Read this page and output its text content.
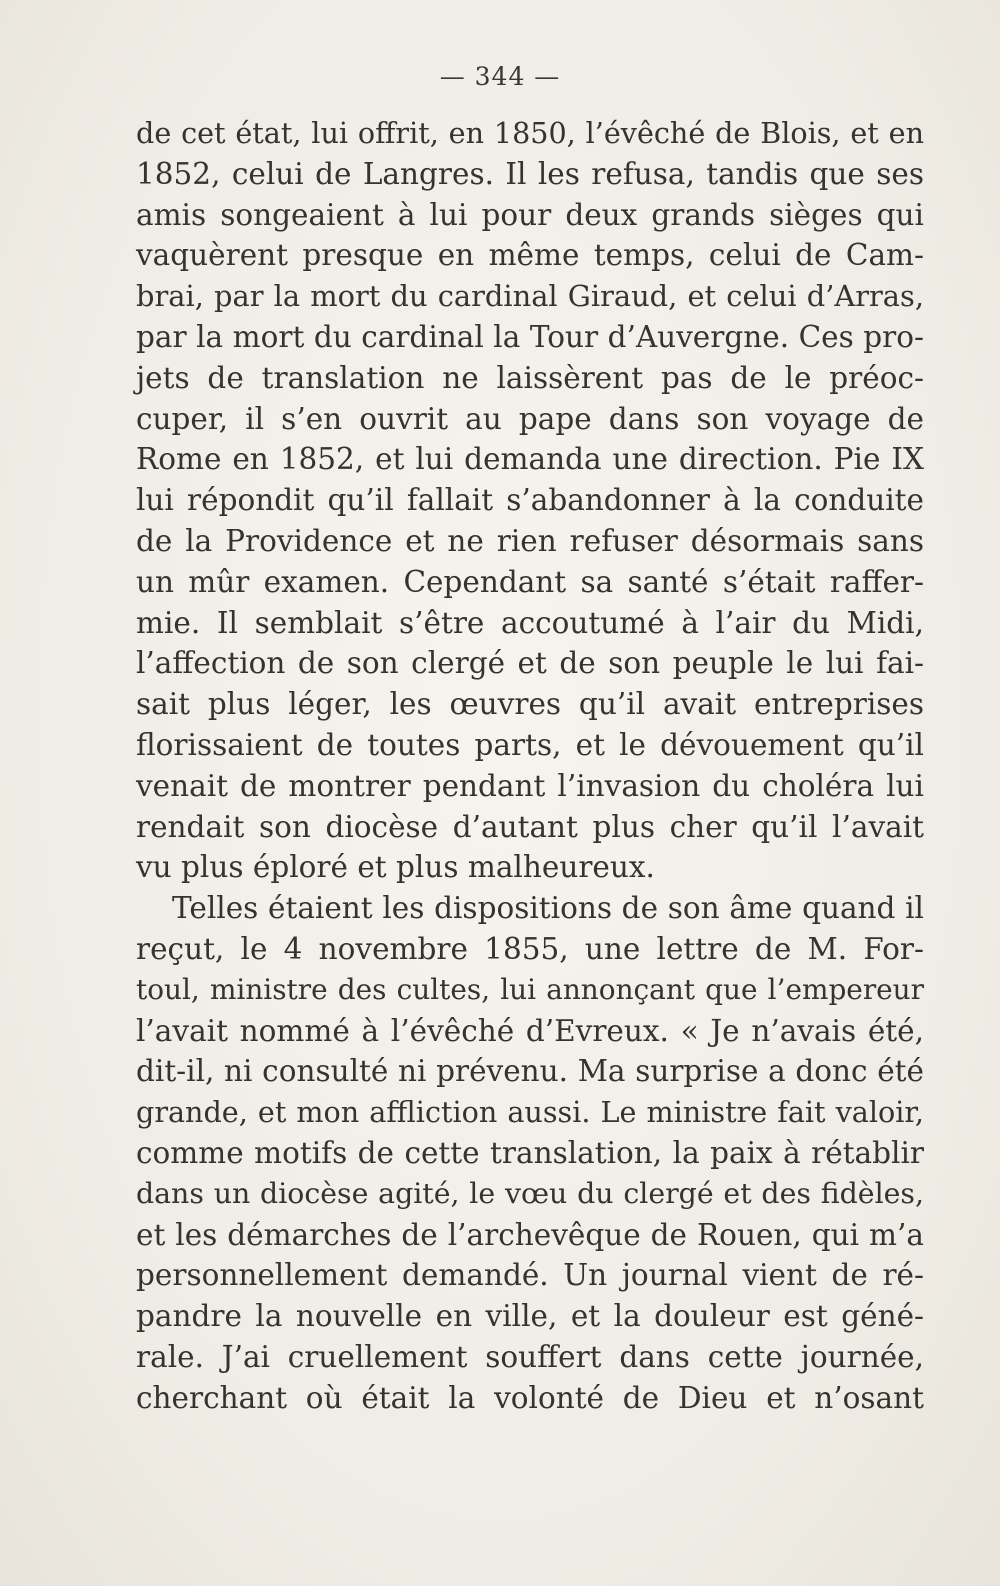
— 344 —
de cet état, lui offrit, en 1850, l’évêché de Blois, et en
1852, celui de Langres. Il les refusa, tandis que ses
amis songeaient à lui pour deux grands sièges qui
vaquèrent presque en même temps, celui de Cam-
brai, par la mort du cardinal Giraud, et celui d’Arras,
par la mort du cardinal la Tour d’Auvergne. Ces pro-
jets de translation ne laissèrent pas de le préoc-
cuper, il s’en ouvrit au pape dans son voyage de
Rome en 1852, et lui demanda une direction. Pie IX
lui répondit qu’il fallait s’abandonner à la conduite
de la Providence et ne rien refuser désormais sans
un mûr examen. Cependant sa santé s’était raffer-
mie. Il semblait s’être accoutumé à l’air du Midi,
l’affection de son clergé et de son peuple le lui fai-
sait plus léger, les œuvres qu’il avait entreprises
florissaient de toutes parts, et le dévouement qu’il
venait de montrer pendant l’invasion du choléra lui
rendait son diocèse d’autant plus cher qu’il l’avait
vu plus éploré et plus malheureux.
Telles étaient les dispositions de son âme quand il
reçut, le 4 novembre 1855, une lettre de M. For-
toul, ministre des cultes, lui annonçant que l’empereur
l’avait nommé à l’évêché d’Evreux. « Je n’avais été,
dit-il, ni consulté ni prévenu. Ma surprise a donc été
grande, et mon affliction aussi. Le ministre fait valoir,
comme motifs de cette translation, la paix à rétablir
dans un diocèse agité, le vœu du clergé et des fidèles,
et les démarches de l’archevêque de Rouen, qui m’a
personnellement demandé. Un journal vient de ré-
pandre la nouvelle en ville, et la douleur est géné-
rale. J’ai cruellement souffert dans cette journée,
cherchant où était la volonté de Dieu et n’osant
